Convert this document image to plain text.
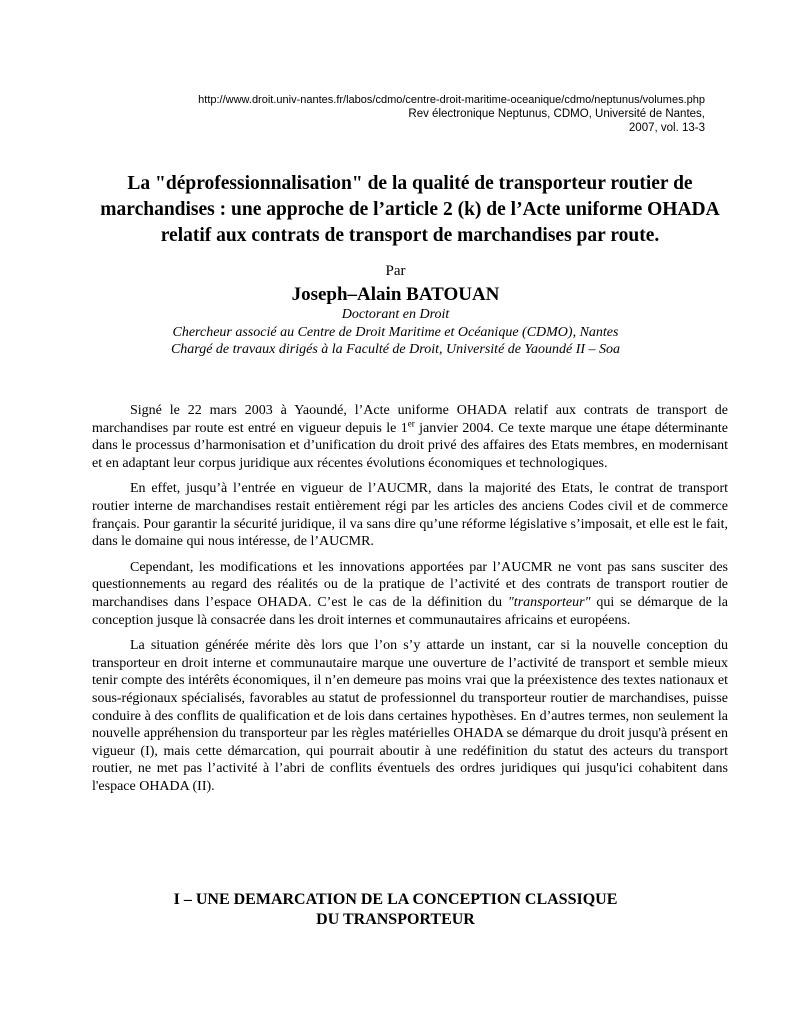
http://www.droit.univ-nantes.fr/labos/cdmo/centre-droit-maritime-oceanique/cdmo/neptunus/volumes.php
Rev électronique Neptunus, CDMO, Université de Nantes,
2007, vol. 13-3
La "déprofessionnalisation" de la qualité de transporteur routier de marchandises : une approche de l’article 2 (k) de l’Acte uniforme OHADA relatif aux contrats de transport de marchandises par route.
Par
Joseph–Alain BATOUAN
Doctorant en Droit
Chercheur associé au Centre de Droit Maritime et Océanique (CDMO), Nantes
Chargé de travaux dirigés à la Faculté de Droit, Université de Yaoundé II – Soa

Signé le 22 mars 2003 à Yaoundé, l’Acte uniforme OHADA relatif aux contrats de transport de marchandises par route est entré en vigueur depuis le 1er janvier 2004. Ce texte marque une étape déterminante dans le processus d’harmonisation et d’unification du droit privé des affaires des Etats membres, en modernisant et en adaptant leur corpus juridique aux récentes évolutions économiques et technologiques.

En effet, jusqu’à l’entrée en vigueur de l’AUCMR, dans la majorité des Etats, le contrat de transport routier interne de marchandises restait entièrement régi par les articles des anciens Codes civil et de commerce français. Pour garantir la sécurité juridique, il va sans dire qu’une réforme législative s’imposait, et elle est le fait, dans le domaine qui nous intéresse, de l’AUCMR.

Cependant, les modifications et les innovations apportées par l’AUCMR ne vont pas sans susciter des questionnements au regard des réalités ou de la pratique de l’activité et des contrats de transport routier de marchandises dans l’espace OHADA. C’est le cas de la définition du "transporteur" qui se démarque de la conception jusque là consacrée dans les droit internes et communautaires africains et européens.

La situation générée mérite dès lors que l’on s’y attarde un instant, car si la nouvelle conception du transporteur en droit interne et communautaire marque une ouverture de l’activité de transport et semble mieux tenir compte des intérêts économiques, il n’en demeure pas moins vrai que la préexistence des textes nationaux et sous-régionaux spécialisés, favorables au statut de professionnel du transporteur routier de marchandises, puisse conduire à des conflits de qualification et de lois dans certaines hypothèses. En d’autres termes, non seulement la nouvelle appréhension du transporteur par les règles matérielles OHADA se démarque du droit jusqu'à présent en vigueur (I), mais cette démarcation, qui pourrait aboutir à une redéfinition du statut des acteurs du transport routier, ne met pas l’activité à l’abri de conflits éventuels des ordres juridiques qui jusqu'ici cohabitent dans l'espace OHADA (II).

I – UNE DEMARCATION DE LA CONCEPTION CLASSIQUE
DU TRANSPORTEUR
